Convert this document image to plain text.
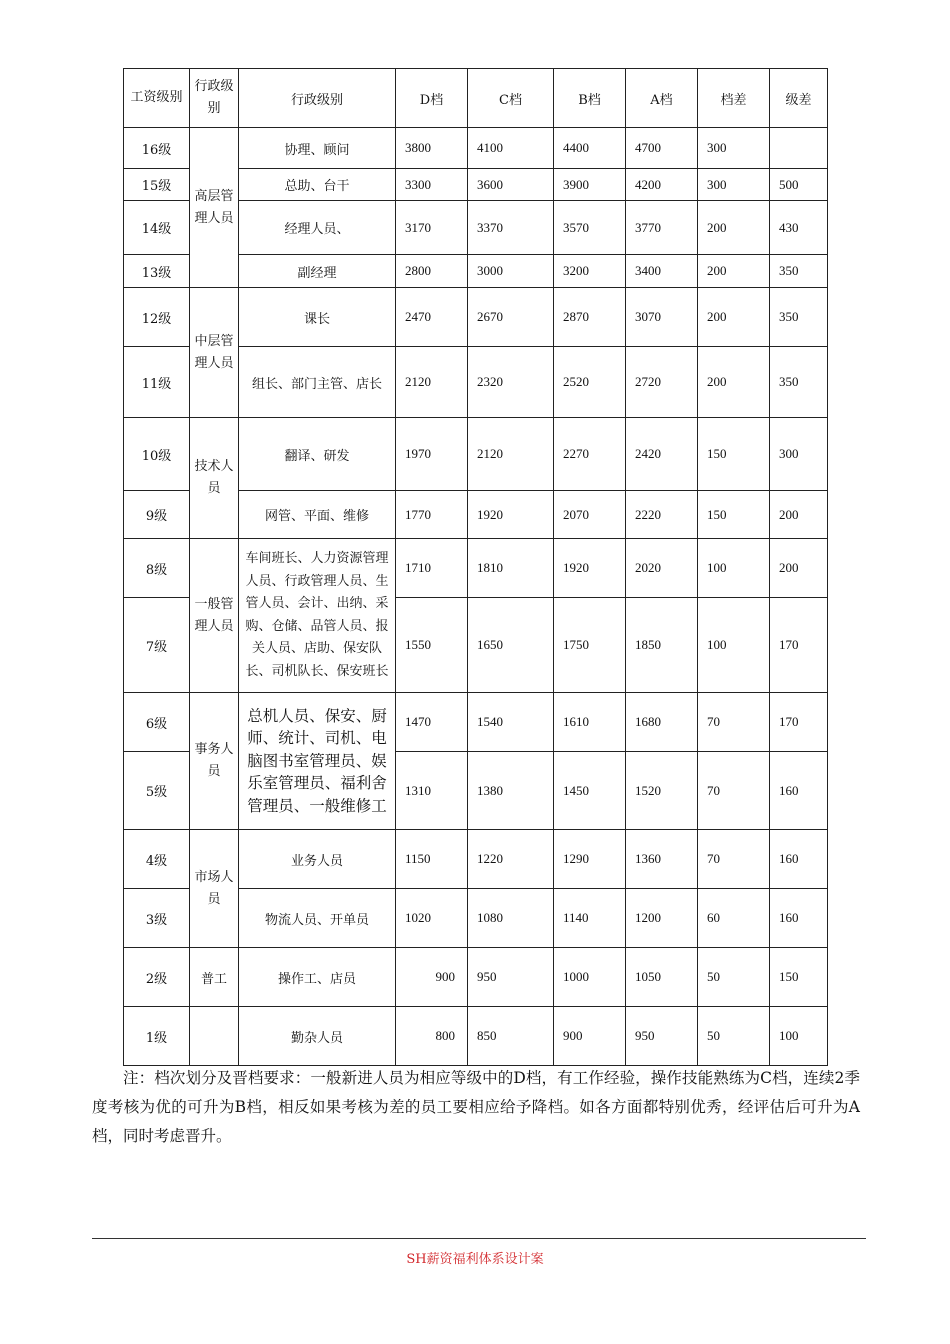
工资级别	行政级别	行政级别	D档	C档	B档	A档	档差	级差
16级	高层管理人员	协理、顾问	3800	4100	4400	4700	300	
15级		总助、台干	3300	3600	3900	4200	300	500
14级		经理人员、	3170	3370	3570	3770	200	430
13级		副经理	2800	3000	3200	3400	200	350
12级	中层管理人员	课长	2470	2670	2870	3070	200	350
11级		组长、部门主管、店长	2120	2320	2520	2720	200	350
10级	技术人员	翻译、研发	1970	2120	2270	2420	150	300
9级		网管、平面、维修	1770	1920	2070	2220	150	200
8级	一般管理人员	车间班长、人力资源管理人员、行政管理人员、生管人员、会计、出纳、采购、仓储、品管人员、报关人员、店助、保安队长、司机队长、保安班长	1710	1810	1920	2020	100	200
7级			1550	1650	1750	1850	100	170
6级	事务人员	总机人员、保安、厨师、统计、司机、电脑图书室管理员、娱乐室管理员、福利舍管理员、一般维修工	1470	1540	1610	1680	70	170
5级			1310	1380	1450	1520	70	160
4级	市场人员	业务人员	1150	1220	1290	1360	70	160
3级		物流人员、开单员	1020	1080	1140	1200	60	160
2级	普工	操作工、店员	900	950	1000	1050	50	150
1级		勤杂人员	800	850	900	950	50	100

注：档次划分及晋档要求：一般新进人员为相应等级中的D档，有工作经验，操作技能熟练为C档，连续2季度考核为优的可升为B档，相反如果考核为差的员工要相应给予降档。如各方面都特别优秀，经评估后可升为A档，同时考虑晋升。

SH薪资福利体系设计案
